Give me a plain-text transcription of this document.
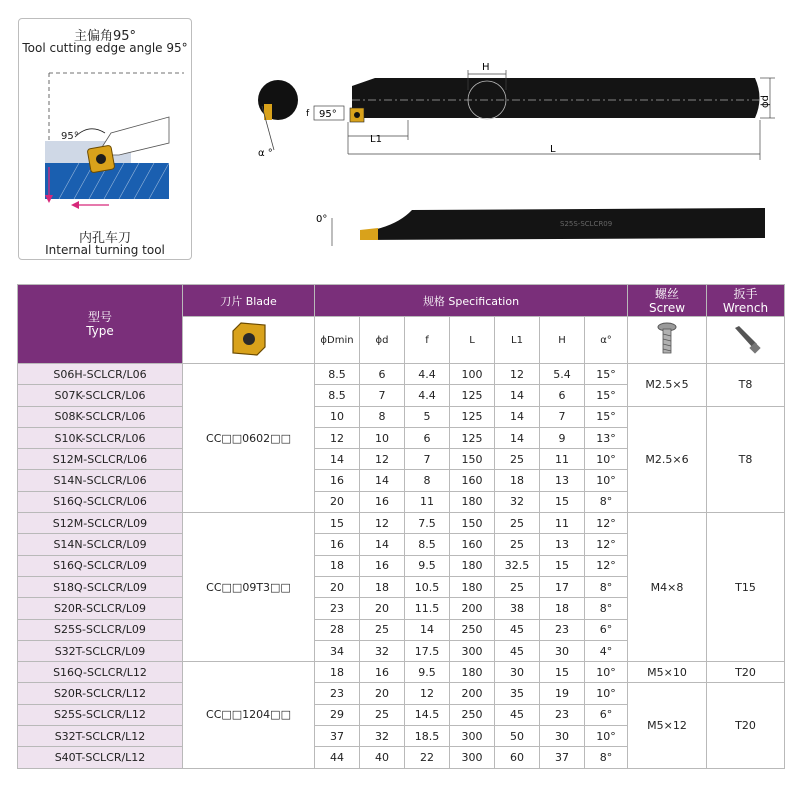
主偏角95°
Tool cutting edge angle 95°
95°
内孔车刀
Internal turning tool
α °
H
ϕd
f 95°
L1
L
0°	S25S-SCLCR09
型号
Type	刀片 Blade	规格 Specification							螺丝
Screw	扳手
Wrench

	ϕDmin	ϕd	f	L	L1	H	α°		
S06H-SCLCR/L06	CC□□0602□□	8.5	6	4.4	100	12	5.4	15°	M2.5×5	T8
S07K-SCLCR/L06		8.5	7	4.4	125	14	6	15°		
S08K-SCLCR/L06		10	8	5	125	14	7	15°	M2.5×6	T8
S10K-SCLCR/L06		12	10	6	125	14	9	13°		
S12M-SCLCR/L06		14	12	7	150	25	11	10°		
S14N-SCLCR/L06		16	14	8	160	18	13	10°		
S16Q-SCLCR/L06		20	16	11	180	32	15	8°		
S12M-SCLCR/L09	CC□□09T3□□	15	12	7.5	150	25	11	12°	M4×8	T15
S14N-SCLCR/L09		16	14	8.5	160	25	13	12°		
S16Q-SCLCR/L09		18	16	9.5	180	32.5	15	12°		
S18Q-SCLCR/L09		20	18	10.5	180	25	17	8°		
S20R-SCLCR/L09		23	20	11.5	200	38	18	8°		
S25S-SCLCR/L09		28	25	14	250	45	23	6°		
S32T-SCLCR/L09		34	32	17.5	300	45	30	4°		
S16Q-SCLCR/L12	CC□□1204□□	18	16	9.5	180	30	15	10°	M5×10	T20
S20R-SCLCR/L12		23	20	12	200	35	19	10°	M5×12	T20
S25S-SCLCR/L12		29	25	14.5	250	45	23	6°		
S32T-SCLCR/L12		37	32	18.5	300	50	30	10°		
S40T-SCLCR/L12		44	40	22	300	60	37	8°		
